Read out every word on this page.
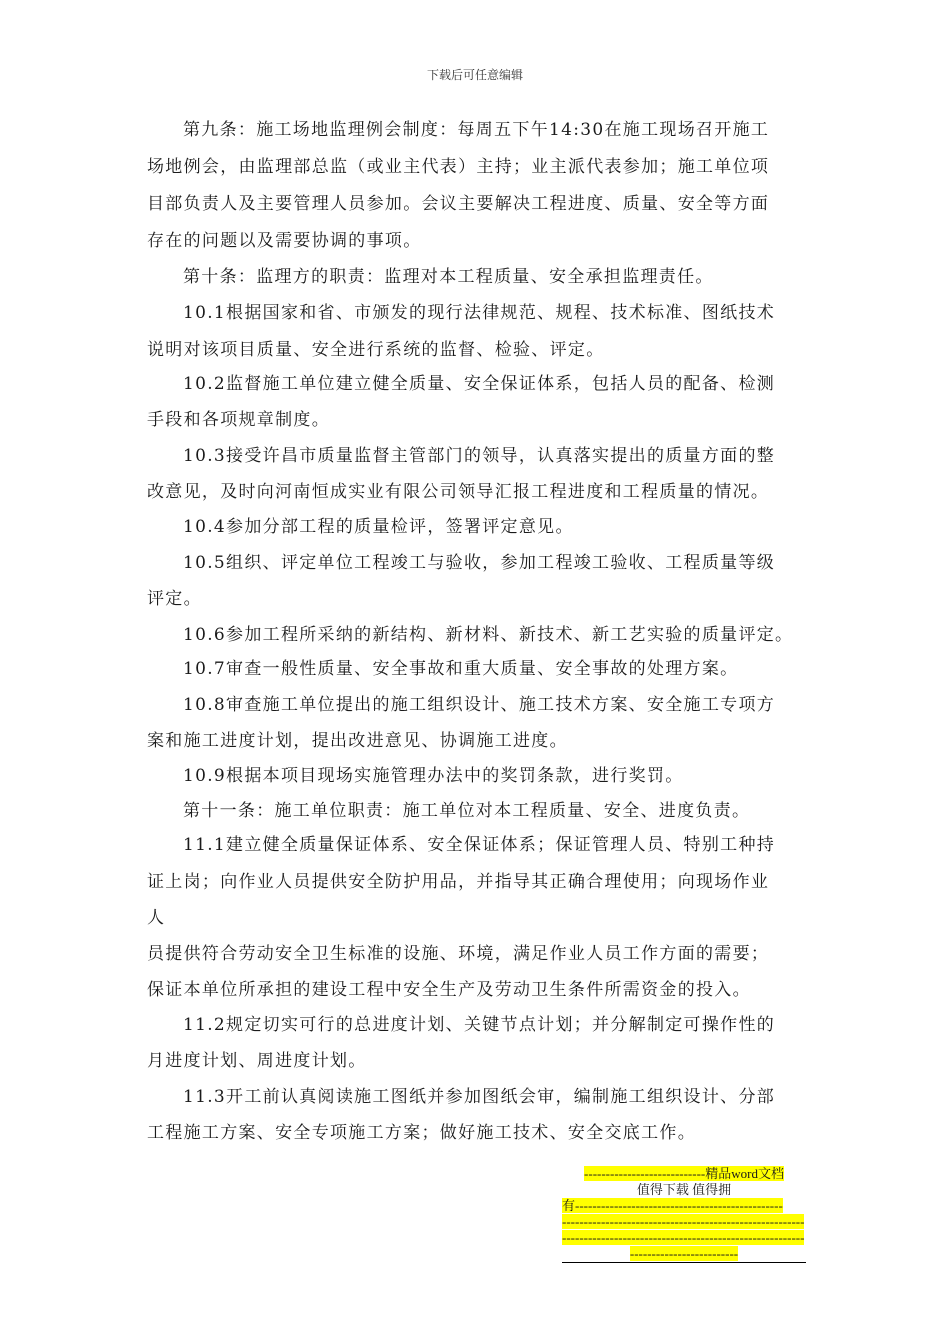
下载后可任意编辑
第九条：施工场地监理例会制度：每周五下午14:30在施工现场召开施工
场地例会，由监理部总监（或业主代表）主持；业主派代表参加；施工单位项
目部负责人及主要管理人员参加。会议主要解决工程进度、质量、安全等方面
存在的问题以及需要协调的事项。
第十条：监理方的职责：监理对本工程质量、安全承担监理责任。
10.1根据国家和省、市颁发的现行法律规范、规程、技术标准、图纸技术
说明对该项目质量、安全进行系统的监督、检验、评定。
10.2监督施工单位建立健全质量、安全保证体系，包括人员的配备、检测
手段和各项规章制度。
10.3接受许昌市质量监督主管部门的领导，认真落实提出的质量方面的整
改意见，及时向河南恒成实业有限公司领导汇报工程进度和工程质量的情况。
10.4参加分部工程的质量检评，签署评定意见。
10.5组织、评定单位工程竣工与验收，参加工程竣工验收、工程质量等级
评定。
10.6参加工程所采纳的新结构、新材料、新技术、新工艺实验的质量评定。
10.7审查一般性质量、安全事故和重大质量、安全事故的处理方案。
10.8审查施工单位提出的施工组织设计、施工技术方案、安全施工专项方
案和施工进度计划，提出改进意见、协调施工进度。
10.9根据本项目现场实施管理办法中的奖罚条款，进行奖罚。
第十一条：施工单位职责：施工单位对本工程质量、安全、进度负责。
11.1建立健全质量保证体系、安全保证体系；保证管理人员、特别工种持
证上岗；向作业人员提供安全防护用品，并指导其正确合理使用；向现场作业
人
员提供符合劳动安全卫生标准的设施、环境，满足作业人员工作方面的需要；
保证本单位所承担的建设工程中安全生产及劳动卫生条件所需资金的投入。
11.2规定切实可行的总进度计划、关键节点计划；并分解制定可操作性的
月进度计划、周进度计划。
11.3开工前认真阅读施工图纸并参加图纸会审，编制施工组织设计、分部
工程施工方案、安全专项施工方案；做好施工技术、安全交底工作。
----------------------------精品word文档
值得下载 值得拥
有------------------------------------------------
--------------------------------------------------------
--------------------------------------------------------
-------------------------
